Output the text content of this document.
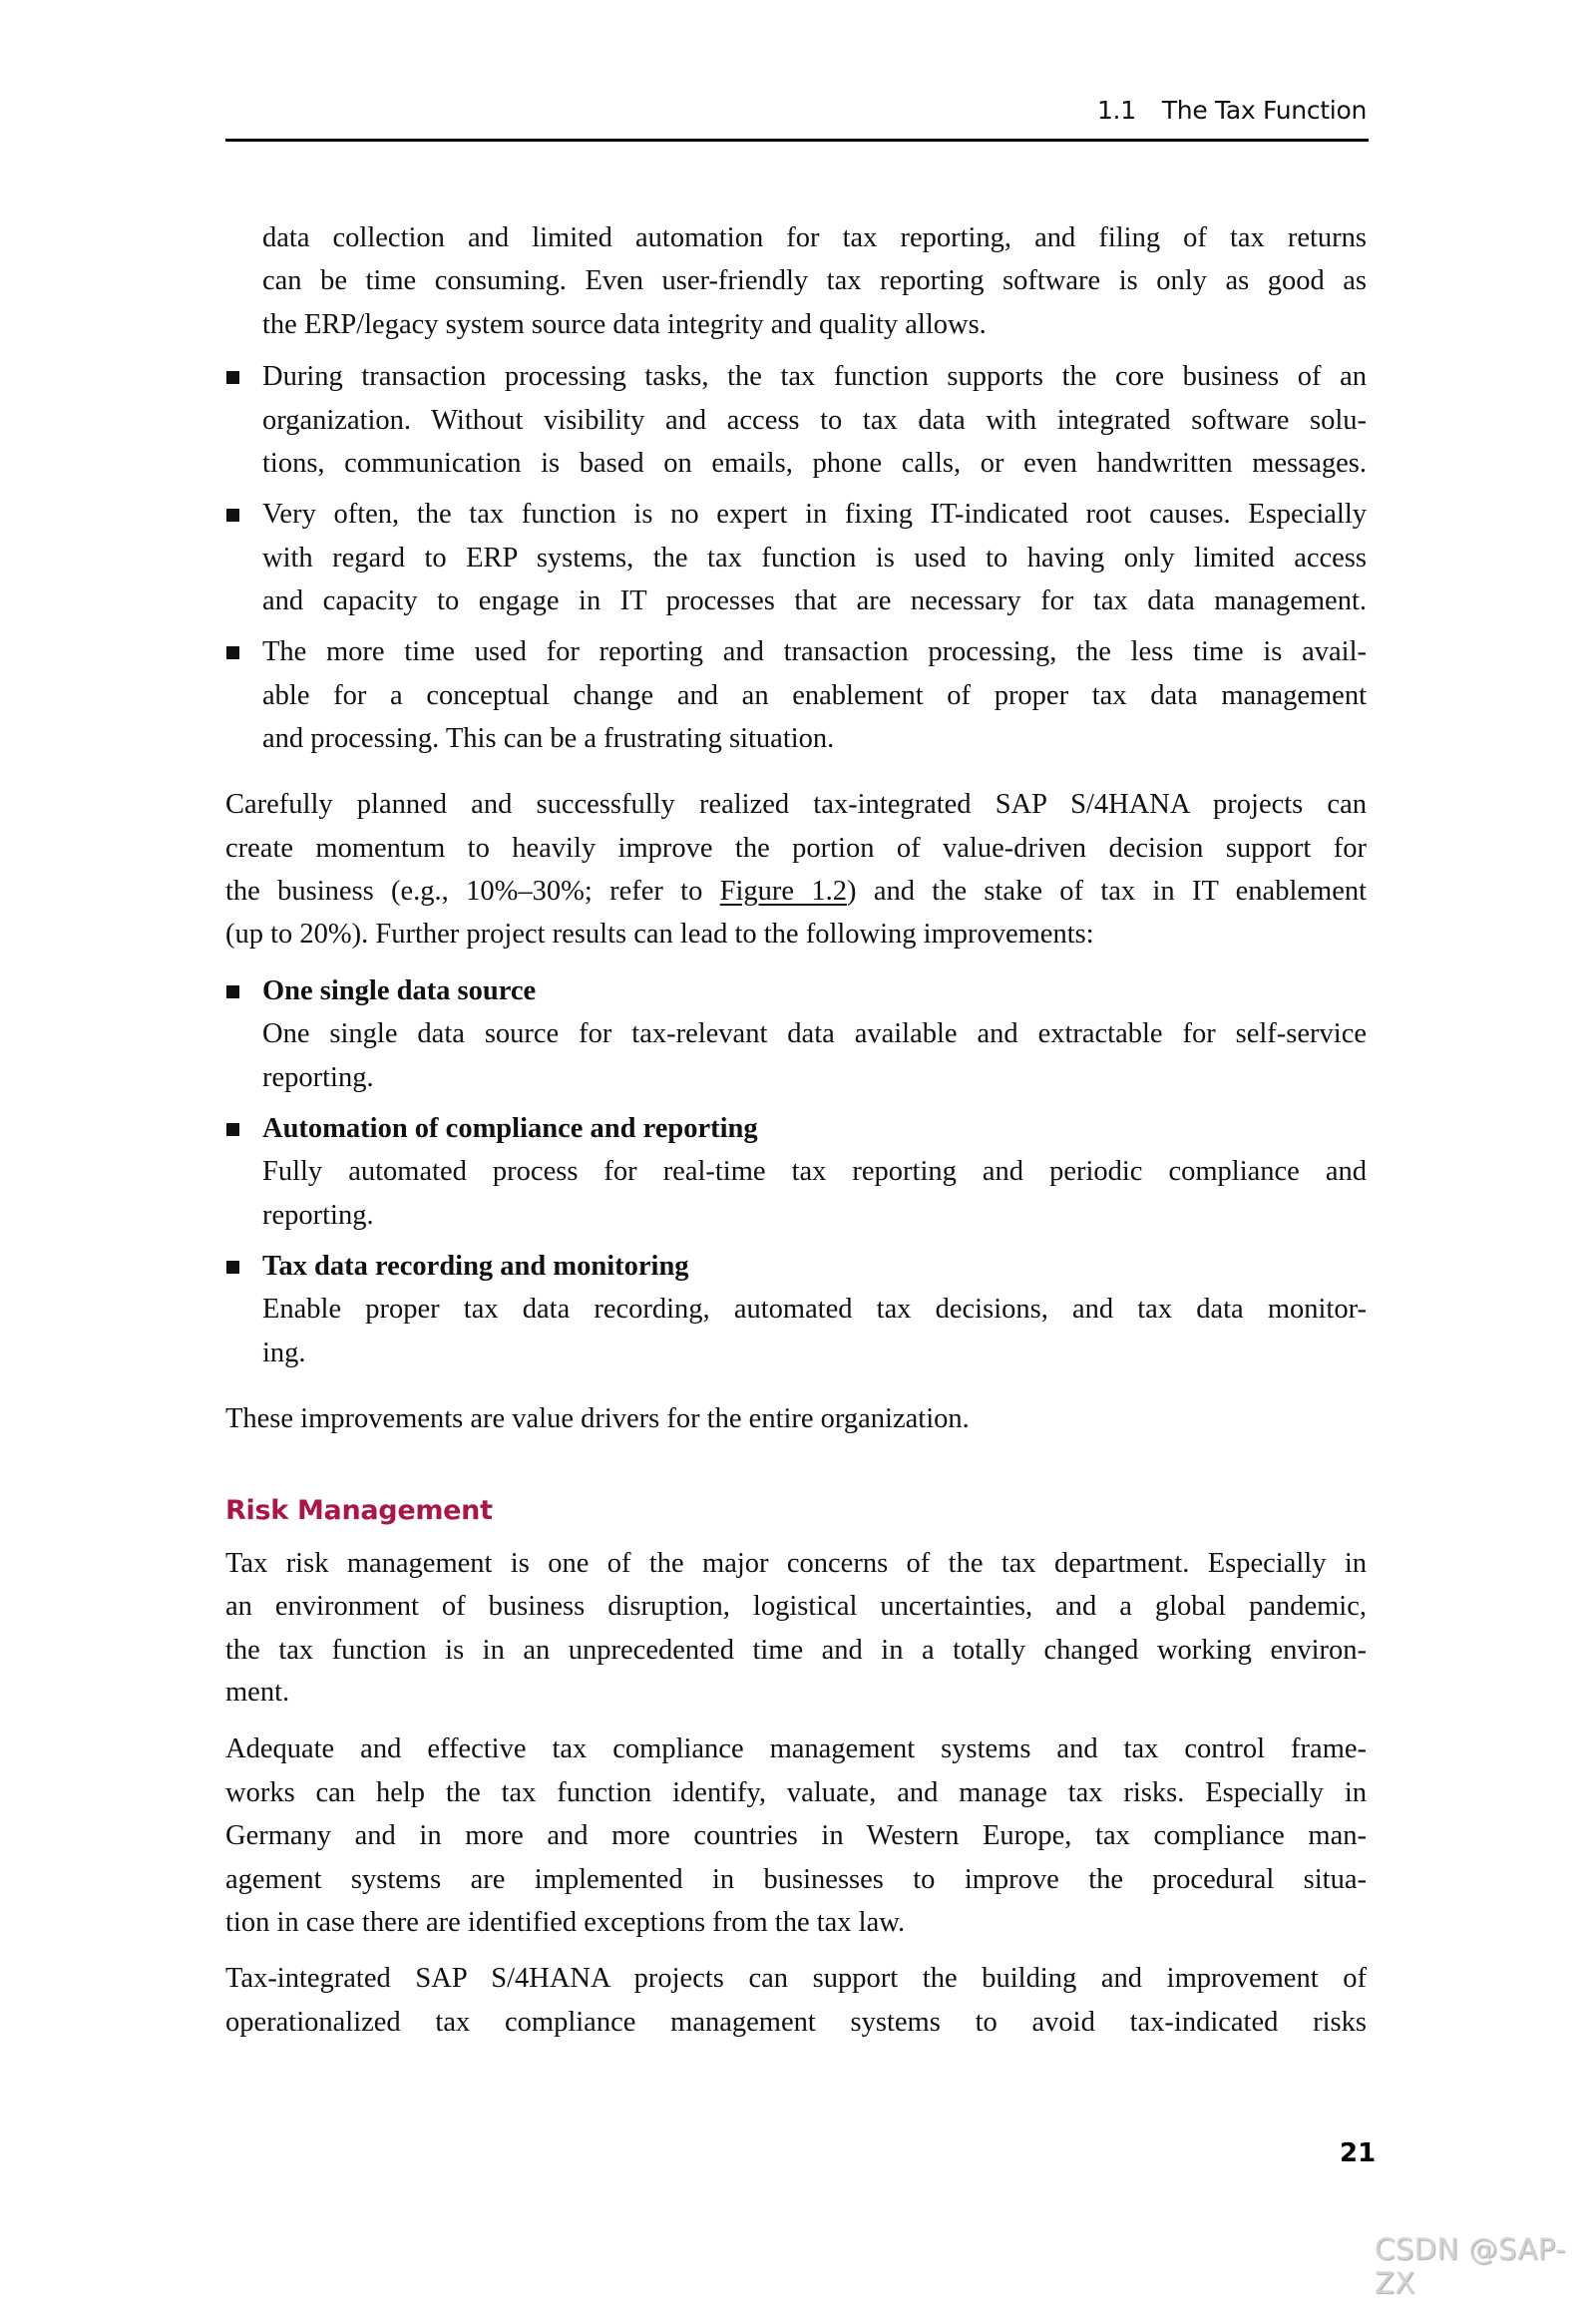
1.1 The Tax Function
data collection and limited automation for tax reporting, and filing of tax returns
can be time consuming. Even user-friendly tax reporting software is only as good as
the ERP/legacy system source data integrity and quality allows.
During transaction processing tasks, the tax function supports the core business of an
organization. Without visibility and access to tax data with integrated software solu-
tions, communication is based on emails, phone calls, or even handwritten messages.
Very often, the tax function is no expert in fixing IT-indicated root causes. Especially
with regard to ERP systems, the tax function is used to having only limited access
and capacity to engage in IT processes that are necessary for tax data management.
The more time used for reporting and transaction processing, the less time is avail-
able for a conceptual change and an enablement of proper tax data management
and processing. This can be a frustrating situation.
Carefully planned and successfully realized tax-integrated SAP S/4HANA projects can
create momentum to heavily improve the portion of value-driven decision support for
the business (e.g., 10%–30%; refer to Figure 1.2) and the stake of tax in IT enablement
(up to 20%). Further project results can lead to the following improvements:
One single data source
One single data source for tax-relevant data available and extractable for self-service
reporting.
Automation of compliance and reporting
Fully automated process for real-time tax reporting and periodic compliance and
reporting.
Tax data recording and monitoring
Enable proper tax data recording, automated tax decisions, and tax data monitor-
ing.
These improvements are value drivers for the entire organization.
Risk Management
Tax risk management is one of the major concerns of the tax department. Especially in
an environment of business disruption, logistical uncertainties, and a global pandemic,
the tax function is in an unprecedented time and in a totally changed working environ-
ment.
Adequate and effective tax compliance management systems and tax control frame-
works can help the tax function identify, valuate, and manage tax risks. Especially in
Germany and in more and more countries in Western Europe, tax compliance man-
agement systems are implemented in businesses to improve the procedural situa-
tion in case there are identified exceptions from the tax law.
Tax-integrated SAP S/4HANA projects can support the building and improvement of
operationalized tax compliance management systems to avoid tax-indicated risks
21
CSDN @SAP-ZX
